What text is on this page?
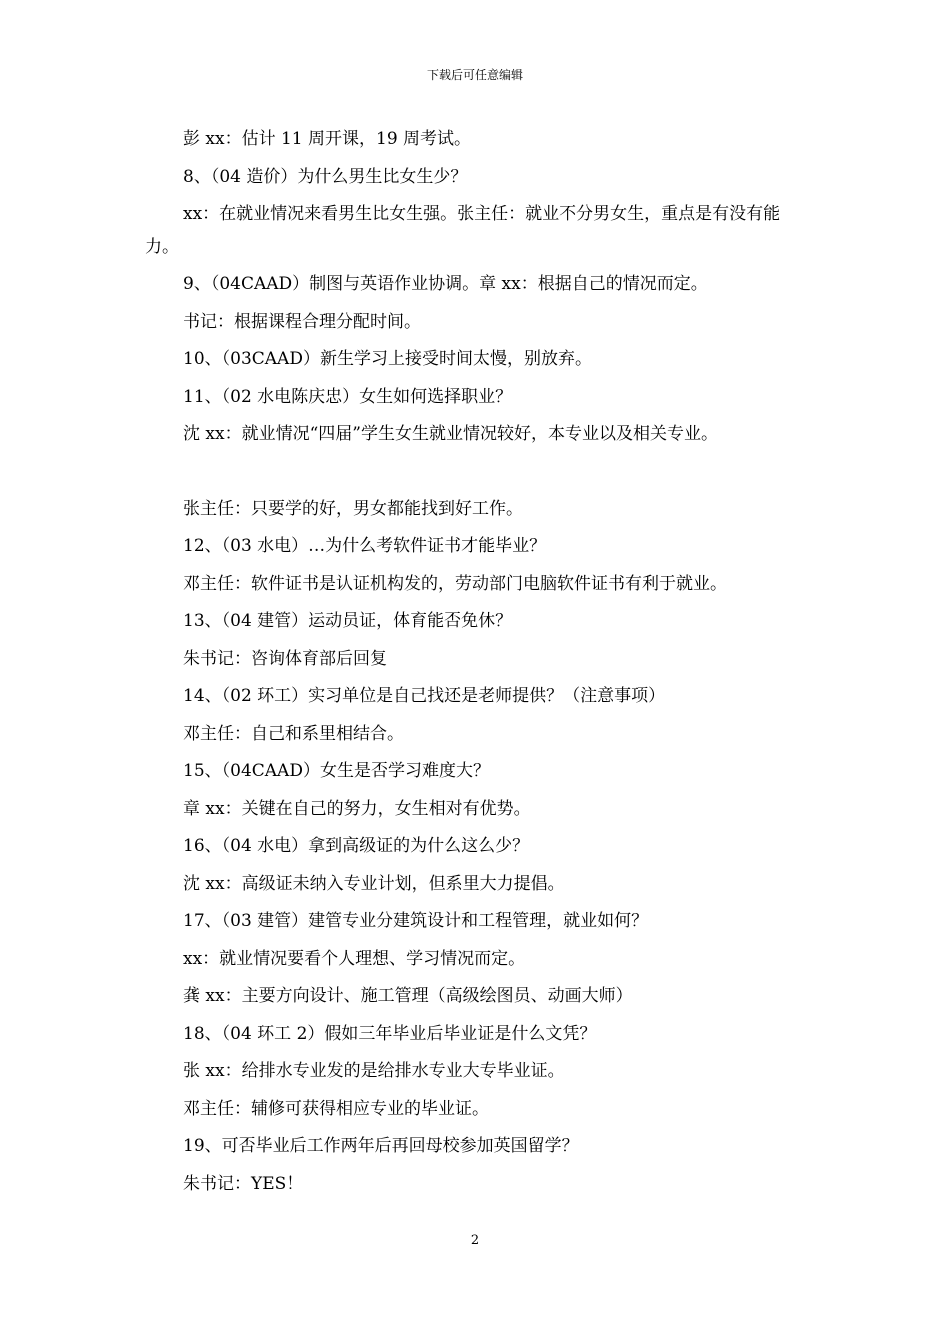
下载后可任意编辑

彭 xx：估计 11 周开课，19 周考试。

8、（04 造价）为什么男生比女生少？

xx：在就业情况来看男生比女生强。张主任：就业不分男女生，重点是有没有能力。

9、（04CAAD）制图与英语作业协调。章 xx：根据自己的情况而定。

书记：根据课程合理分配时间。

10、（03CAAD）新生学习上接受时间太慢，别放弃。

11、（02 水电陈庆忠）女生如何选择职业？

沈 xx：就业情况“四届”学生女生就业情况较好，本专业以及相关专业。

张主任：只要学的好，男女都能找到好工作。

12、（03 水电）…为什么考软件证书才能毕业？

邓主任：软件证书是认证机构发的，劳动部门电脑软件证书有利于就业。

13、（04 建管）运动员证，体育能否免休？

朱书记：咨询体育部后回复

14、（02 环工）实习单位是自己找还是老师提供？（注意事项）

邓主任：自己和系里相结合。

15、（04CAAD）女生是否学习难度大？

章 xx：关键在自己的努力，女生相对有优势。

16、（04 水电）拿到高级证的为什么这么少？

沈 xx：高级证未纳入专业计划，但系里大力提倡。

17、（03 建管）建管专业分建筑设计和工程管理，就业如何？

xx：就业情况要看个人理想、学习情况而定。

龚 xx：主要方向设计、施工管理（高级绘图员、动画大师）

18、（04 环工 2）假如三年毕业后毕业证是什么文凭？

张 xx：给排水专业发的是给排水专业大专毕业证。

邓主任：辅修可获得相应专业的毕业证。

19、可否毕业后工作两年后再回母校参加英国留学？

朱书记：YES！

2
